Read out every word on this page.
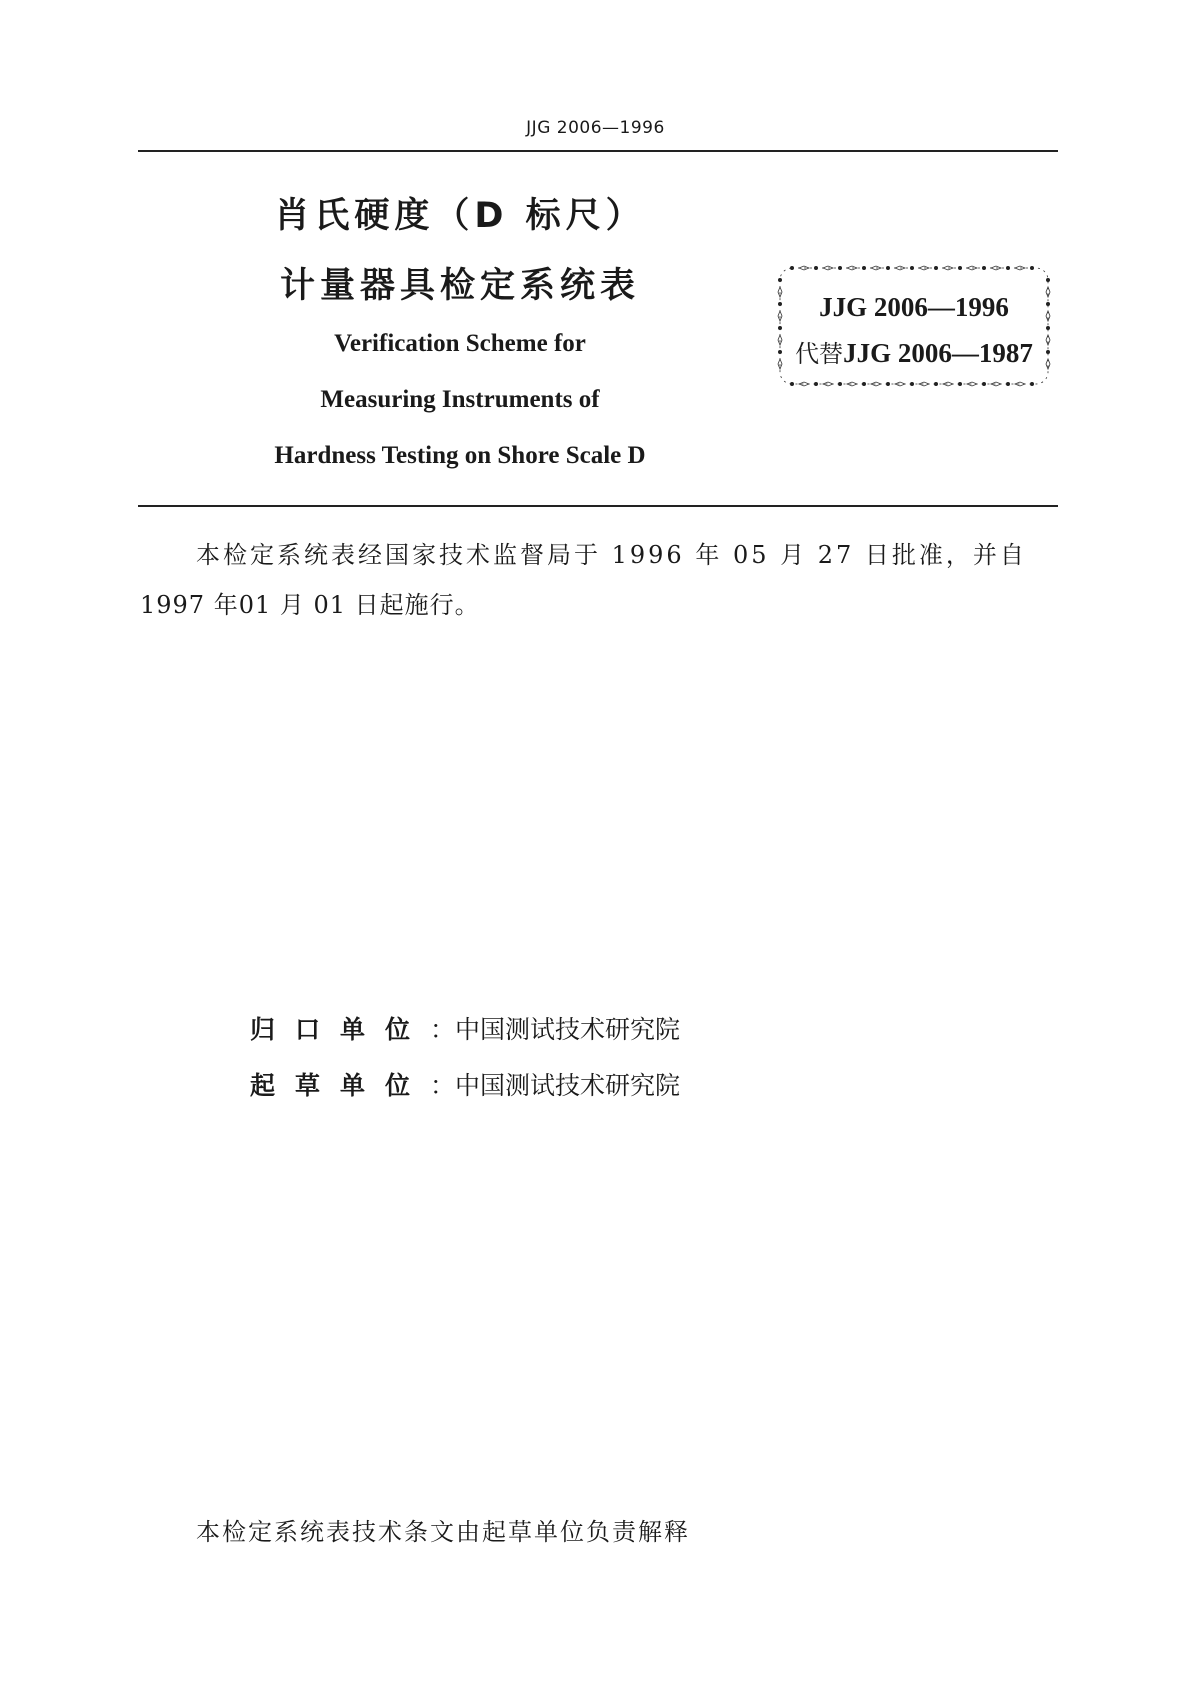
JJG 2006—1996
肖氏硬度（D 标尺）
计量器具检定系统表
Verification Scheme for
Measuring Instruments of
Hardness Testing on Shore Scale D
JJG 2006—1996
代替JJG 2006—1987
本检定系统表经国家技术监督局于 1996 年 05 月 27 日批准，并自
1997 年01 月 01 日起施行。
归口单位：中国测试技术研究院
起草单位：中国测试技术研究院
本检定系统表技术条文由起草单位负责解释
